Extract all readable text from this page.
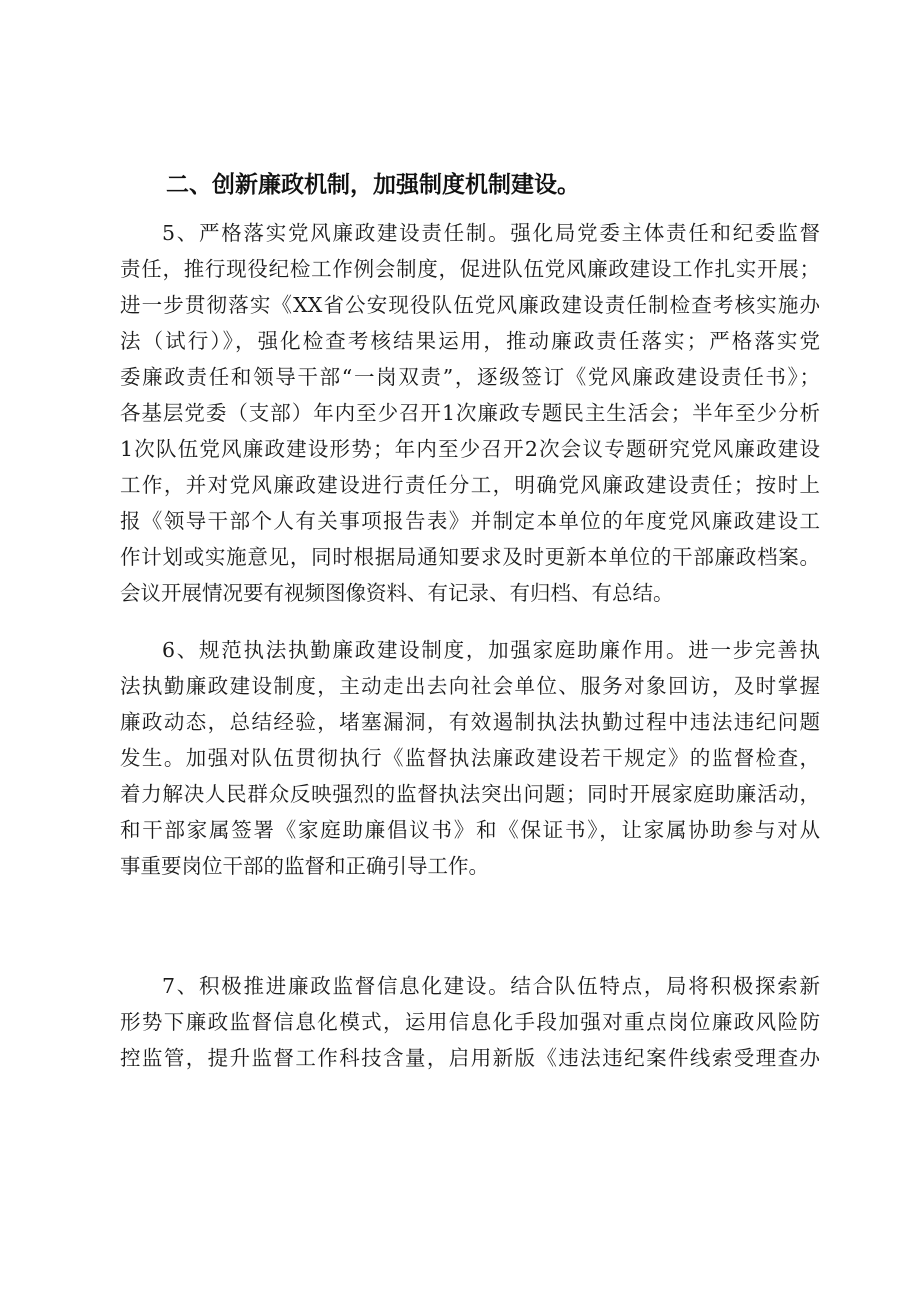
二、创新廉政机制，加强制度机制建设。
5、严格落实党风廉政建设责任制。强化局党委主体责任和纪委监督
责任，推行现役纪检工作例会制度，促进队伍党风廉政建设工作扎实开展；
进一步贯彻落实《XX省公安现役队伍党风廉政建设责任制检查考核实施办
法（试行）》，强化检查考核结果运用，推动廉政责任落实；严格落实党
委廉政责任和领导干部“一岗双责”，逐级签订《党风廉政建设责任书》；
各基层党委（支部）年内至少召开1次廉政专题民主生活会；半年至少分析
1次队伍党风廉政建设形势；年内至少召开2次会议专题研究党风廉政建设
工作，并对党风廉政建设进行责任分工，明确党风廉政建设责任；按时上
报《领导干部个人有关事项报告表》并制定本单位的年度党风廉政建设工
作计划或实施意见，同时根据局通知要求及时更新本单位的干部廉政档案。
会议开展情况要有视频图像资料、有记录、有归档、有总结。
6、规范执法执勤廉政建设制度，加强家庭助廉作用。进一步完善执
法执勤廉政建设制度，主动走出去向社会单位、服务对象回访，及时掌握
廉政动态，总结经验，堵塞漏洞，有效遏制执法执勤过程中违法违纪问题
发生。加强对队伍贯彻执行《监督执法廉政建设若干规定》的监督检查，
着力解决人民群众反映强烈的监督执法突出问题；同时开展家庭助廉活动，
和干部家属签署《家庭助廉倡议书》和《保证书》，让家属协助参与对从
事重要岗位干部的监督和正确引导工作。
7、积极推进廉政监督信息化建设。结合队伍特点，局将积极探索新
形势下廉政监督信息化模式，运用信息化手段加强对重点岗位廉政风险防
控监管，提升监督工作科技含量，启用新版《违法违纪案件线索受理查办
